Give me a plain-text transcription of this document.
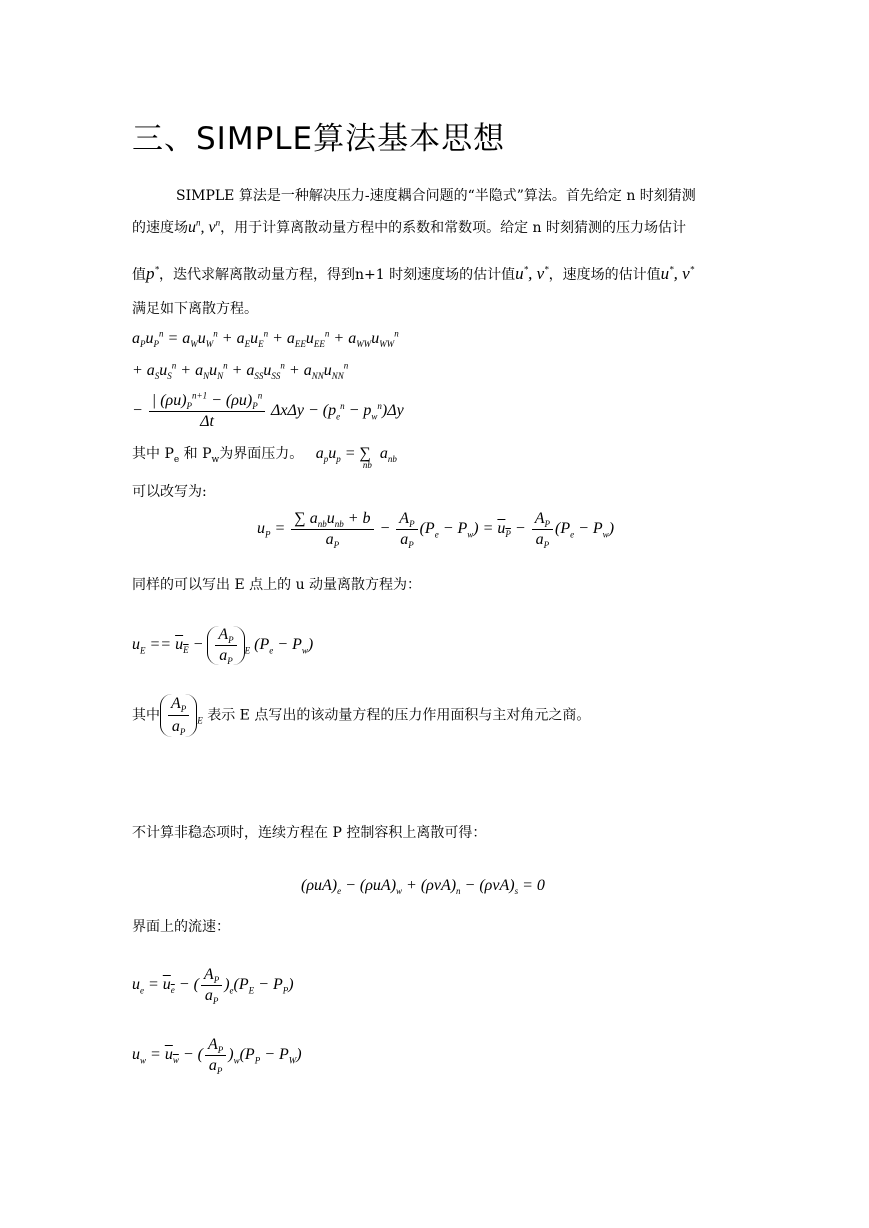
三、SIMPLE算法基本思想
SIMPLE 算法是一种解决压力-速度耦合问题的“半隐式”算法。首先给定 n 时刻猜测
的速度场$u^n$, $v^n$，用于计算离散动量方程中的系数和常数项。给定 n 时刻猜测的压力场估计
值p*，迭代求解离散动量方程，得到n+1 时刻速度场的估计值u*, v*，速度场的估计值u*, v*
满足如下离散方程。
$a_Pu_P^n = a_Wu_W^n + a_Eu_E^n + a_{EE}u_{EE}^n + a_{WW}u_{WW}^n$
+ $a_Su_S^n + a_Nu_N^n + a_{SS}u_{SS}^n + a_{NN}u_{NN}^n$
− $\frac{| (\rho u)_P^{n+1} - (\rho u)_P^n}{\Delta t}$ $\Delta x\Delta y - (p_e^n - p_w^n)\Delta y$
其中 $P_e$ 和 $P_w$为界面压力。 $a_pu_p = \sum_{nb}a_{nb}$
可以改写为:
$u_P = \frac{\sum a_{nb}u_{nb} + b}{a_P} - \frac{A_P}{a_P} (P_e - P_w) = u_P - \frac{A_P}{a_P} (P_e - P_w)$
同样的可以写出 E 点上的 u 动量离散方程为：
$u_E == u_E - \frac{A_P}{a_P} _E$ $(P_e - P_w)$
其中 $\frac{A_P}{a_P} _E$ 表示 E 点写出的该动量方程的压力作用面积与主对角元之商。
不计算非稳态项时，连续方程在 P 控制容积上离散可得：
$(\rho uA)_e - (\rho uA)_w + (\rho vA)_n - (\rho vA)_s = 0$
界面上的流速：
$u_e = u_e$ − ( $\frac{A_P}{a_P} )_e(P_E - P_P)$
$u_w = u_w$ − ( $\frac{A_P}{a_P} )_w(P_P - P_W)$
